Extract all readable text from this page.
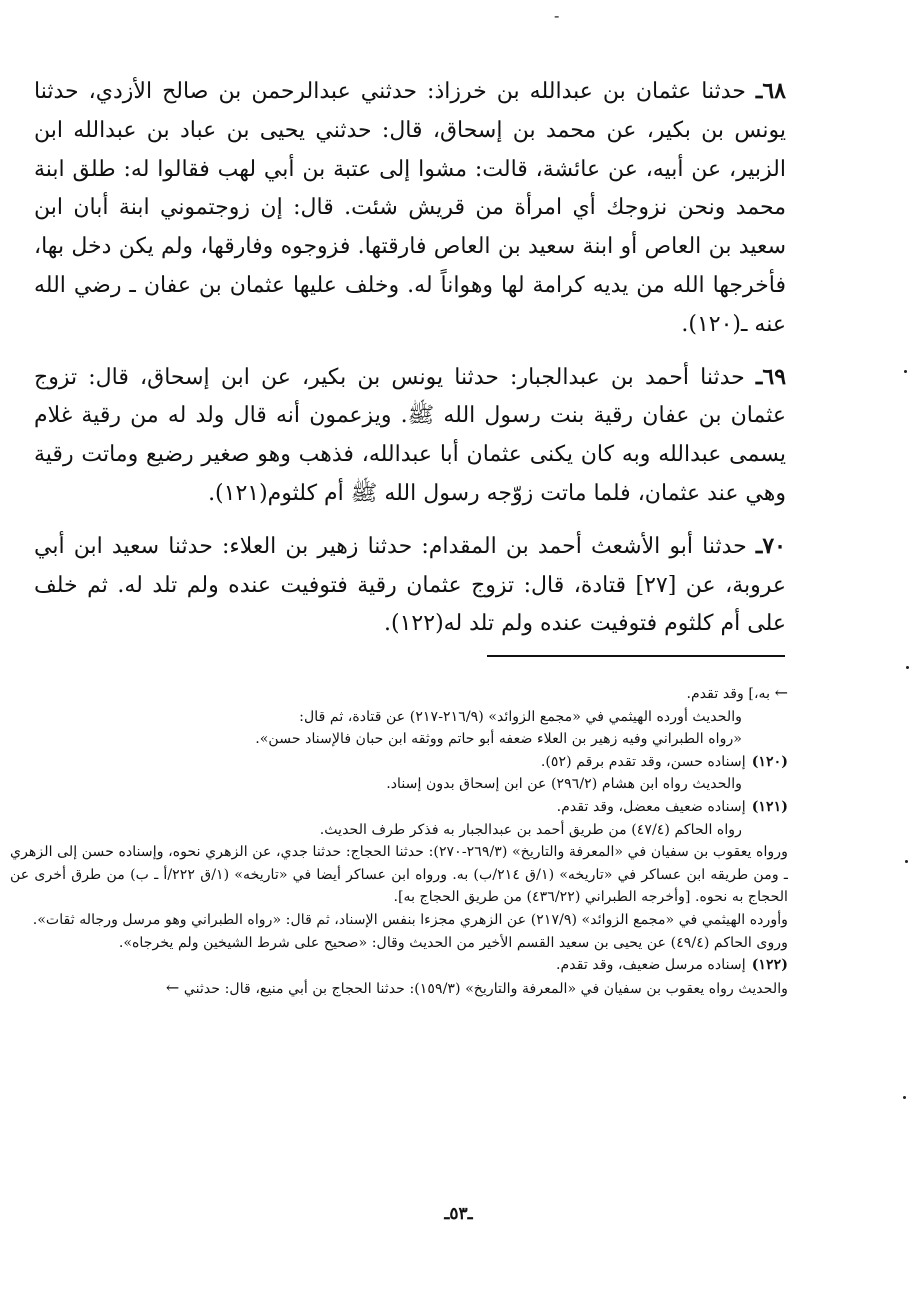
-

٦٨ـ حدثنا عثمان بن عبدالله بن خرزاذ: حدثني عبدالرحمن بن صالح الأزدي، حدثنا يونس بن بكير، عن محمد بن إسحاق، قال: حدثني يحيى بن عباد بن عبدالله ابن الزبير، عن أبيه، عن عائشة، قالت: مشوا إلى عتبة بن أبي لهب فقالوا له: طلق ابنة محمد ونحن نزوجك أي امرأة من قريش شئت. قال: إن زوجتموني ابنة أبان ابن سعيد بن العاص أو ابنة سعيد بن العاص فارقتها. فزوجوه وفارقها، ولم يكن دخل بها، فأخرجها الله من يديه كرامة لها وهواناً له. وخلف عليها عثمان بن عفان ـ رضي الله عنه ـ(١٢٠).

٦٩ـ حدثنا أحمد بن عبدالجبار: حدثنا يونس بن بكير، عن ابن إسحاق، قال: تزوج عثمان بن عفان رقية بنت رسول الله ﷺ. ويزعمون أنه قال ولد له من رقية غلام يسمى عبدالله وبه كان يكنى عثمان أبا عبدالله، فذهب وهو صغير رضيع وماتت رقية وهي عند عثمان، فلما ماتت زوّجه رسول الله ﷺ أم كلثوم(١٢١).

٧٠ـ حدثنا أبو الأشعث أحمد بن المقدام: حدثنا زهير بن العلاء: حدثنا سعيد ابن أبي عروبة، عن [٢٧] قتادة، قال: تزوج عثمان رقية فتوفيت عنده ولم تلد له. ثم خلف على أم كلثوم فتوفيت عنده ولم تلد له(١٢٢).

← به،] وقد تقدم.
والحديث أورده الهيثمي في «مجمع الزوائد» (٢١٦/٩-٢١٧) عن قتادة، ثم قال:
«رواه الطبراني وفيه زهير بن العلاء ضعفه أبو حاتم ووثقه ابن حبان فالإسناد حسن».
(١٢٠)
إسناده حسن، وقد تقدم برقم (٥٢).
والحديث رواه ابن هشام (٢٩٦/٢) عن ابن إسحاق بدون إسناد.
(١٢١)
إسناده ضعيف معضل، وقد تقدم.
رواه الحاكم (٤٧/٤) من طريق أحمد بن عبدالجبار به فذكر طرف الحديث.
ورواه يعقوب بن سفيان في «المعرفة والتاريخ» (٢٦٩/٣-٢٧٠): حدثنا الحجاج: حدثنا جدي، عن الزهري نحوه، وإسناده حسن إلى الزهري ـ ومن طريقه ابن عساكر في «تاريخه» (١/ق ٢١٤/ب) به. ورواه ابن عساكر أيضا في «تاريخه» (١/ق ٢٢٢/أ ـ ب) من طرق أخرى عن الحجاج به نحوه. [وأخرجه الطبراني (٤٣٦/٢٢) من طريق الحجاج به].
وأورده الهيثمي في «مجمع الزوائد» (٢١٧/٩) عن الزهري مجزءا بنفس الإسناد، ثم قال: «رواه الطبراني وهو مرسل ورجاله ثقات».
وروى الحاكم (٤٩/٤) عن يحيى بن سعيد القسم الأخير من الحديث وقال: «صحيح على شرط الشيخين ولم يخرجاه».
(١٢٢)
إسناده مرسل ضعيف، وقد تقدم.
والحديث رواه يعقوب بن سفيان في «المعرفة والتاريخ» (١٥٩/٣): حدثنا الحجاج بن أبي منيع، قال: حدثني ←
ـ٥٣ـ
